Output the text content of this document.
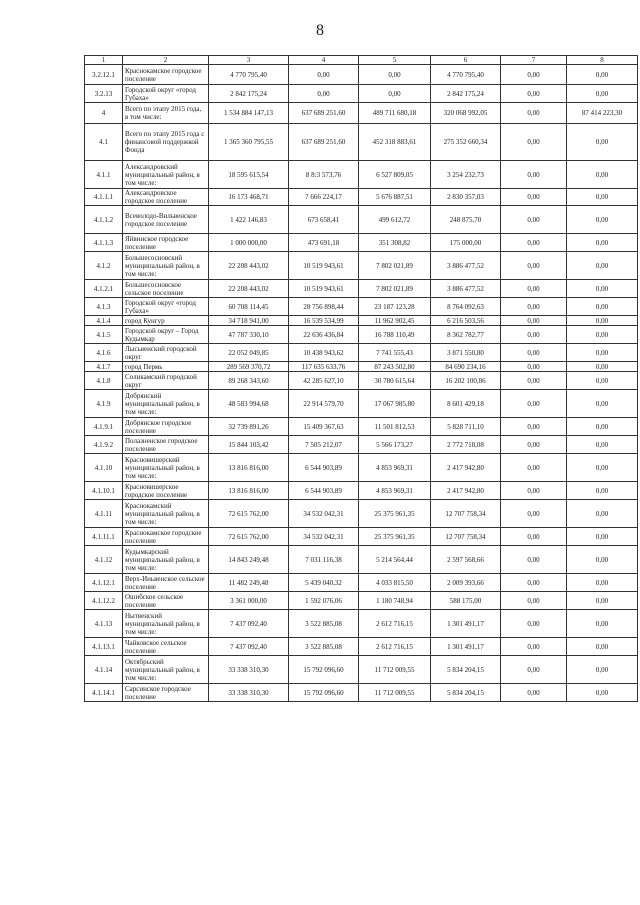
8
1	2	3	4	5	6	7	8
3.2.12.1	Краснокамское городское поселение	4 770 795,40	0,00	0,00	4 770 795,40	0,00	0,00
3.2.13	Городской округ «город Губаха»	2 842 175,24	0,00	0,00	2 842 175,24	0,00	0,00
4	Всего по этапу 2015 года, в том числе:	1 534 884 147,13	637 689 251,60	489 711 680,18	320 068 992,05	0,00	87 414 223,30
4.1	Всего по этапу 2015 года с финансовой поддержкой Фонда	1 365 360 795,55	637 689 251,60	452 318 883,61	275 352 660,34	0,00	0,00
4.1.1	Александровский муниципальный район, в том числе:	18 595 615,54	8 8:3 573,76	6 527 809,05	3 254 232,73	0,00	0,00
4.1.1.1	Александровское городское поселение	16 173 468,71	7 666 224,17	5 676 887,51	2 830 357,03	0,00	0,00
4.1.1.2	Всеволодо-Вильвенское городское поселение	1 422 146,83	673 658,41	499 612,72	248 875,70	0,00	0,00
4.1.1.3	Яйвинское городское поселение	1 000 000,00	473 691,18	351 308,82	175 000,00	0,00	0,00
4.1.2	Большесосновский муниципальный район, в том числе:	22 208 443,02	10 519 943,61	7 802 021,89	3 886 477,52	0,00	0,00
4.1.2.1	Большесосновское сельское поселение	22 208 443,02	10 519 943,61	7 802 021,89	3 886 477,52	0,00	0,00
4.1.3	Городской округ «город Губаха»	60 708 114,45	28 756 898,44	23 187 123,28	8 764 092,63	0,00	0,00
4.1.4	город Кунгур	34 718 941,00	16 539 534,99	11 962 902,45	6 216 503,56	0,00	0,00
4.1.5	Городской округ – Город Кудымкар	47 787 330,10	22 636 436,84	16 788 110,49	8 362 782,77	0,00	0,00
4.1.6	Лысьвенский городской округ	22 052 049,85	10 438 943,62	7 741 555,43	3 871 550,80	0,00	0,00
4.1.7	город Пермь	289 569 370,72	117 635 633,76	87 243 502,80	84 690 234,16	0,00	0,00
4.1.8	Соликамский городской округ	89 268 343,60	42 285 627,10	30 780 615,64	16 202 100,86	0,00	0,00
4.1.9	Добрянский муниципальный район, в том числе:	48 583 994,68	22 914 579,70	17 067 985,80	8 601 429,18	0,00	0,00
4.1.9.1	Добрянское городское поселение	32 739 891,26	15 409 367,63	11 501 812,53	5 828 711,10	0,00	0,00
4.1.9.2	Полазненское городское поселение	15 844 103,42	7 505 212,07	5 566 173,27	2 772 718,08	0,00	0,00
4.1.10	Красновишерский муниципальный район, в том числе:	13 816 816,00	6 544 903,89	4 853 969,31	2 417 942,80	0,00	0,00
4.1.10.1	Красновишерское городское поселение	13 816 816,00	6 544 903,89	4 853 969,31	2 417 942,80	0,00	0,00
4.1.11	Краснокамский муниципальный район, в том числе:	72 615 762,00	34 532 042,31	25 375 961,35	12 707 758,34	0,00	0,00
4.1.11.1	Краснокамское городское поселение	72 615 762,00	34 532 042,31	25 375 961,35	12 707 758,34	0,00	0,00
4.1.12	Кудымкарский муниципальный район, в том числе:	14 843 249,48	7 031 116,38	5 214 564,44	2 597 568,66	0,00	0,00
4.1.12.1	Верх-Иньвенское сельское поселение	11 482 249,48	5 439 040,32	4 033 815,50	2 009 393,66	0,00	0,00
4.1.12.2	Ошибское сельское поселение	3 361 000,00	1 592 076,06	1 180 748,94	588 175,00	0,00	0,00
4.1.13	Нытвенский муниципальный район, в том числе:	7 437 092,40	3 522 885,08	2 612 716,15	1 301 491,17	0,00	0,00
4.1.13.1	Чайковское сельское поселение	7 437 092,40	3 522 885,08	2 612 716,15	1 301 491,17	0,00	0,00
4.1.14	Октябрьский муниципальный район, в том числе:	33 338 310,30	15 792 096,60	11 712 009,55	5 834 204,15	0,00	0,00
4.1.14.1	Сарсинское городское поселение	33 338 310,30	15 792 096,60	11 712 009,55	5 834 204,15	0,00	0,00
